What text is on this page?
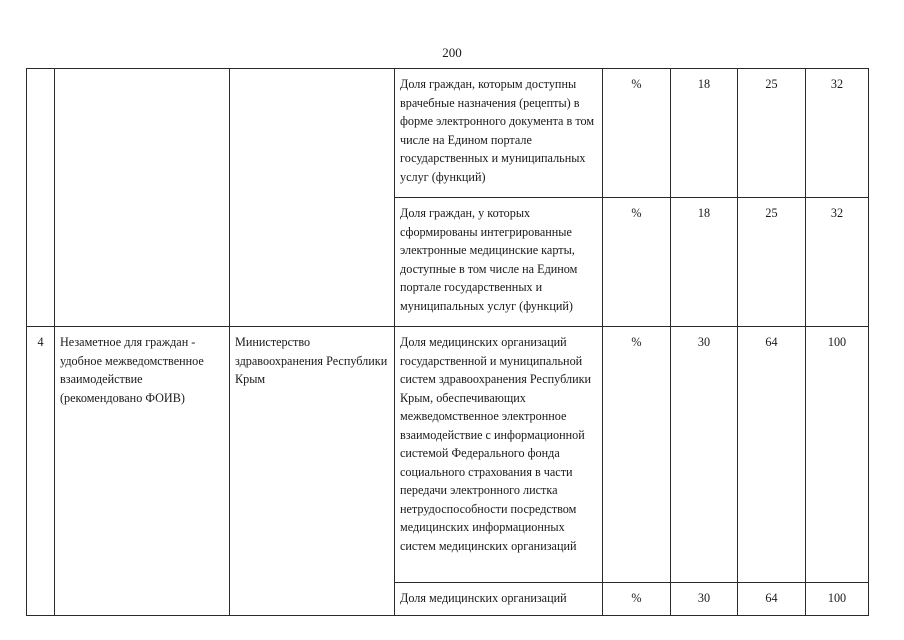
200
			Доля граждан, которым доступны врачебные назначения (рецепты) в форме электронного документа в том числе на Едином портале государственных и муниципальных услуг (функций)	%	18	25	32
			Доля граждан, у которых сформированы интегрированные электронные медицинские карты, доступные в том числе на Едином портале государственных и муниципальных услуг (функций)	%	18	25	32
4	Незаметное для граждан - удобное межведомственное взаимодействие (рекомендовано ФОИВ)	Министерство здравоохранения Республики Крым	Доля медицинских организаций государственной и муниципальной систем здравоохранения Республики Крым, обеспечивающих межведомственное электронное взаимодействие с информационной системой Федерального фонда социального страхования в части передачи электронного листка нетрудоспособности посредством медицинских информационных систем медицинских организаций	%	30	64	100
			Доля медицинских организаций	%	30	64	100
